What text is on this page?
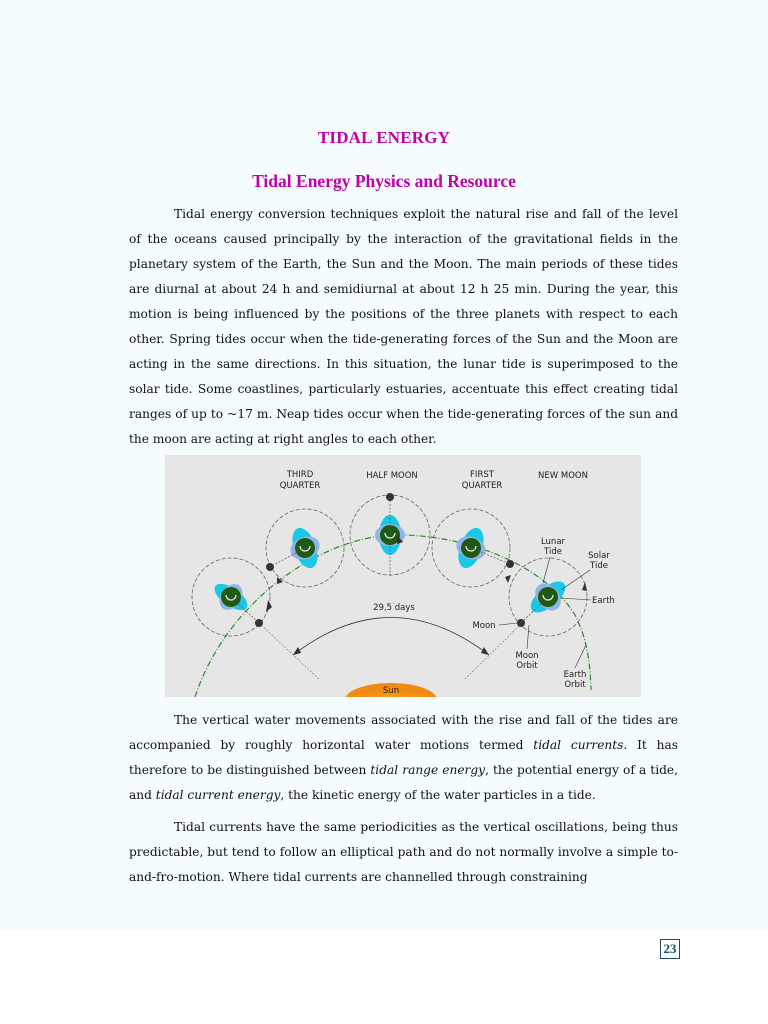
TIDAL ENERGY
Tidal Energy Physics and Resource

Tidal energy conversion techniques exploit the natural rise and fall of the level of the oceans caused principally by the interaction of the gravitational fields in the planetary system of the Earth, the Sun and the Moon. The main periods of these tides are diurnal at about 24 h and semidiurnal at about 12 h 25 min. During the year, this motion is being influenced by the positions of the three planets with respect to each other. Spring tides occur when the tide-generating forces of the Sun and the Moon are acting in the same directions. In this situation, the lunar tide is superimposed to the solar tide. Some coastlines, particularly estuaries, accentuate this effect creating tidal ranges of up to ~17 m. Neap tides occur when the tide-generating forces of the sun and the moon are acting at right angles to each other.

Sun
29,5 days
THIRD
QUARTER
HALF MOON	FIRST
QUARTER
NEW MOON
Lunar
Tide	Solar
Tide
Earth
Moon
Moon
Orbit
Earth
Orbit

The vertical water movements associated with the rise and fall of the tides are accompanied by roughly horizontal water motions termed tidal currents. It has therefore to be distinguished between tidal range energy, the potential energy of a tide, and tidal current energy, the kinetic energy of the water particles in a tide.

Tidal currents have the same periodicities as the vertical oscillations, being thus predictable, but tend to follow an elliptical path and do not normally involve a simple to-and-fro-motion. Where tidal currents are channelled through constraining

23
